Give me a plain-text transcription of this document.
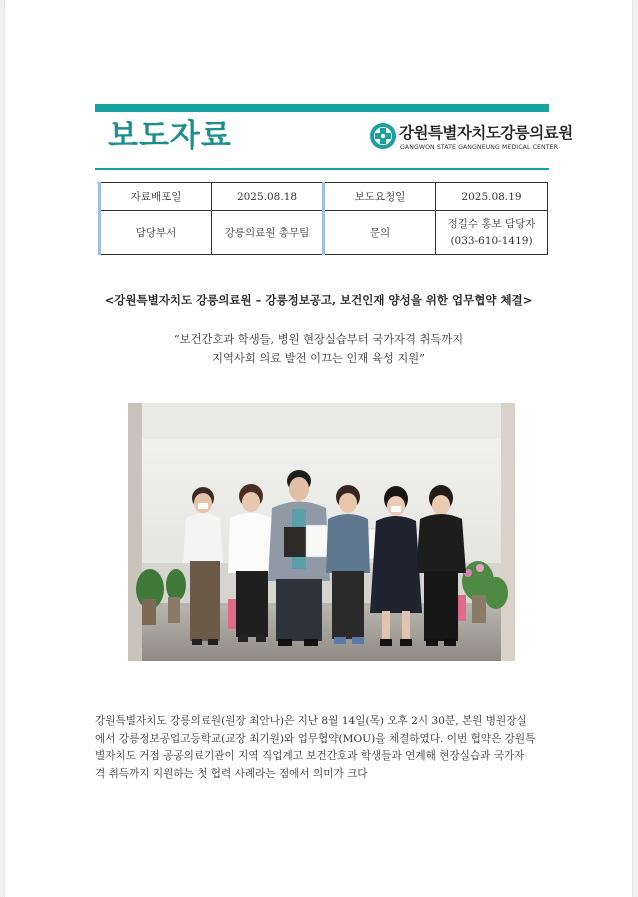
보도자료	강원특별자치도강릉의료원
GANGWON STATE GANGNEUNG MEDICAL CENTER
자료배포일	2025.08.18	보도요청일	2025.08.19
담당부서	강릉의료원 총무팀	문의	정길수 홍보 담당자
(033-610-1419)
<강원특별자치도 강릉의료원 – 강릉정보공고, 보건인재 양성을 위한 업무협약 체결>
“보건간호과 학생들, 병원 현장실습부터 국가자격 취득까지
지역사회 의료 발전 이끄는 인재 육성 지원”
강원특별자치도 강릉의료원(원장 최안나)은 지난 8월 14일(목) 오후 2시 30분, 본원 병원장실
에서 강릉정보공업고등학교(교장 최기원)와 업무협약(MOU)을 체결하였다. 이번 협약은 강원특
별자치도 거점 공공의료기관이 지역 직업계고 보건간호과 학생들과 연계해 현장실습과 국가자
격 취득까지 지원하는 첫 협력 사례라는 점에서 의미가 크다
